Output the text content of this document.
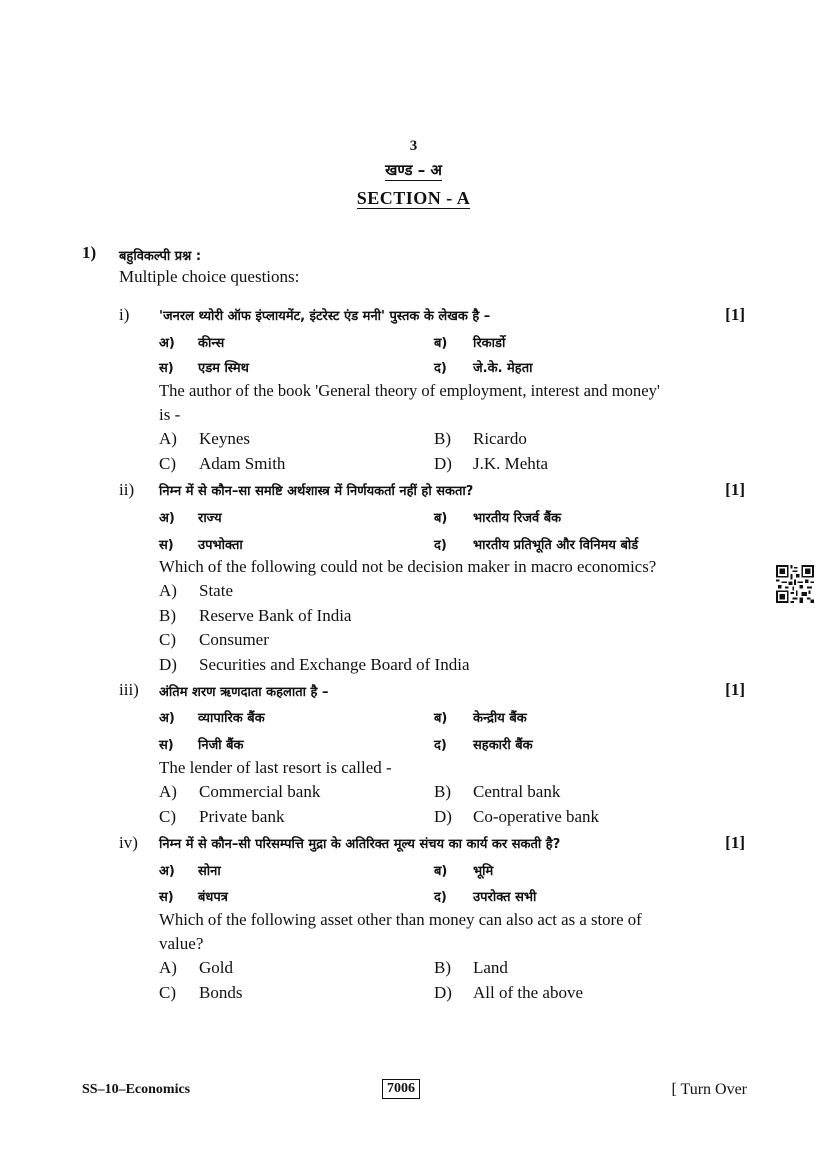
3
खण्ड – अ
SECTION - A
1) बहुविकल्पी प्रश्न :
Multiple choice questions:
i) 'जनरल थ्योरी ऑफ इंप्लायमेंट, इंटरेस्ट एंड मनी' पुस्तक के लेखक है –	[1]
अ) कीन्स	ब) रिकार्डो
स) एडम स्मिथ	द) जे.के. मेहता
The author of the book 'General theory of employment, interest and money'
is -
A) Keynes	B) Ricardo
C) Adam Smith	D) J.K. Mehta
ii) निम्न में से कौन–सा समष्टि अर्थशास्त्र में निर्णयकर्ता नहीं हो सकता?	[1]
अ) राज्य	ब) भारतीय रिजर्व बैंक
स) उपभोक्ता	द) भारतीय प्रतिभूति और विनिमय बोर्ड
Which of the following could not be decision maker in macro economics?
A) State
B) Reserve Bank of India
C) Consumer
D) Securities and Exchange Board of India
iii) अंतिम शरण ऋणदाता कहलाता है –	[1]
अ) व्यापारिक बैंक	ब) केन्द्रीय बैंक
स) निजी बैंक	द) सहकारी बैंक
The lender of last resort is called -
A) Commercial bank	B) Central bank
C) Private bank	D) Co-operative bank
iv) निम्न में से कौन–सी परिसम्पत्ति मुद्रा के अतिरिक्त मूल्य संचय का कार्य कर सकती है?	[1]
अ) सोना	ब) भूमि
स) बंधपत्र	द) उपरोक्त सभी
Which of the following asset other than money can also act as a store of
value?
A) Gold	B) Land
C) Bonds	D) All of the above
SS–10–Economics	7006	[ Turn Over
